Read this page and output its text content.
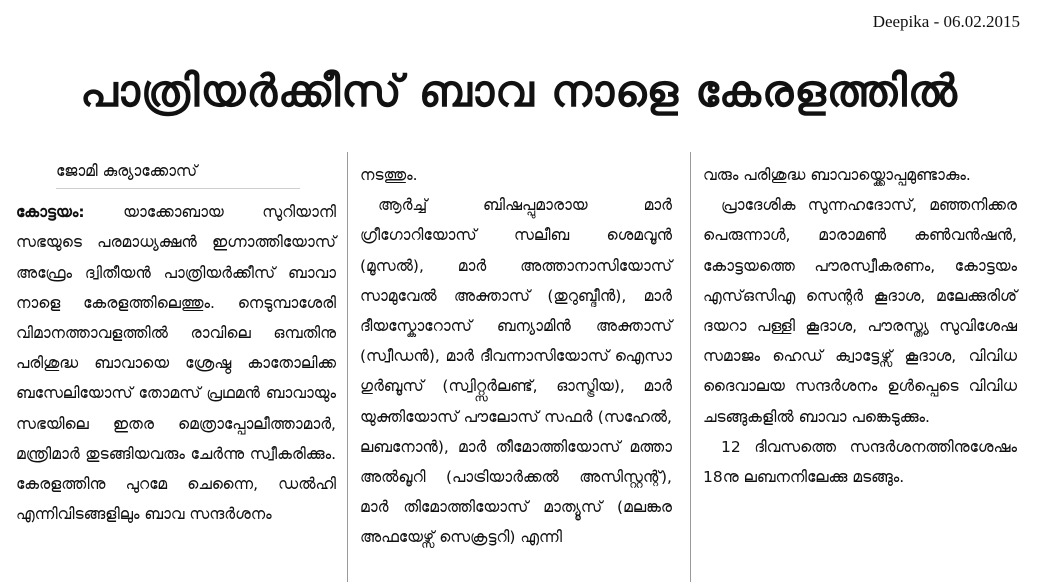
Deepika - 06.02.2015
പാത്രിയർക്കീസ് ബാവ നാളെ കേരളത്തിൽ
ജോമി കുര്യാക്കോസ്

കോട്ടയം: യാക്കോബായ സുറിയാനി സഭയുടെ പരമാധ്യക്ഷൻ ഇഗ്നാത്തിയോസ് അഫ്രേം ദ്വിതീയൻ പാത്രിയർക്കീസ് ബാവാ നാളെ കേരളത്തിലെത്തും. നെടുമ്പാശേരി വിമാനത്താവളത്തിൽ രാവിലെ ഒമ്പതിനു പരിശുദ്ധ ബാവായെ ശ്രേഷ്ഠ കാതോലിക്ക ബസേലിയോസ് തോമസ് പ്രഥമൻ ബാവായും സഭയിലെ ഇതര മെത്രാപ്പോലീത്താമാർ, മന്ത്രിമാർ തുടങ്ങിയവരും ചേർന്നു സ്വീകരിക്കും. കേരളത്തിനു പുറമേ ചെന്നൈ, ഡൽഹി എന്നിവിടങ്ങളിലും ബാവ സന്ദർശനം

നടത്തും.

ആർച്ച് ബിഷപ്പുമാരായ മാർ ഗ്രീഗോറിയോസ് സലീബ ശെമവൂൻ (മൂസൽ), മാർ അത്താനാസിയോസ് സാമുവേൽ അക്താസ് (തുറുബ്ദീൻ), മാർ ദീയസ്കോറോസ് ബന്യാമിൻ അക്താസ് (സ്വീഡൻ), മാർ ദീവന്നാസിയോസ് ഐസാ ഗുർബൂസ് (സ്വിറ്റ്സർലണ്ട്, ഓസ്ട്രിയ), മാർ യുക്തിയോസ് പൗലോസ് സഫർ (സഹേൽ, ലബനോൻ), മാർ തീമോത്തിയോസ് മത്താ അൽഖൂറി (പാട്രിയാർക്കൽ അസിസ്റ്റന്റ്), മാർ തിമോത്തിയോസ് മാത്യൂസ് (മലങ്കര അഫയേഴ്സ് സെക്രട്ടറി) എന്നി

വരും പരിശുദ്ധ ബാവായ്ക്കൊപ്പമുണ്ടാകും.

പ്രാദേശിക സുന്നഹദോസ്, മഞ്ഞനിക്കര പെരുന്നാൾ, മാരാമൺ കൺവൻഷൻ, കോട്ടയത്തെ പൗരസ്വീകരണം, കോട്ടയം എസ്ഒസിഎ സെന്റർ കൂദാശ, മലേക്കുരിശ് ദയറാ പള്ളി കൂദാശ, പൗരസ്ത്യ സുവിശേഷ സമാജം ഹെഡ് ക്വാട്ടേഴ്സ് കൂദാശ, വിവിധ ദൈവാലയ സന്ദർശനം ഉൾപ്പെടെ വിവിധ ചടങ്ങുകളിൽ ബാവാ പങ്കെടുക്കും.

12 ദിവസത്തെ സന്ദർശനത്തിനുശേഷം 18നു ലബനനിലേക്കു മടങ്ങും.
